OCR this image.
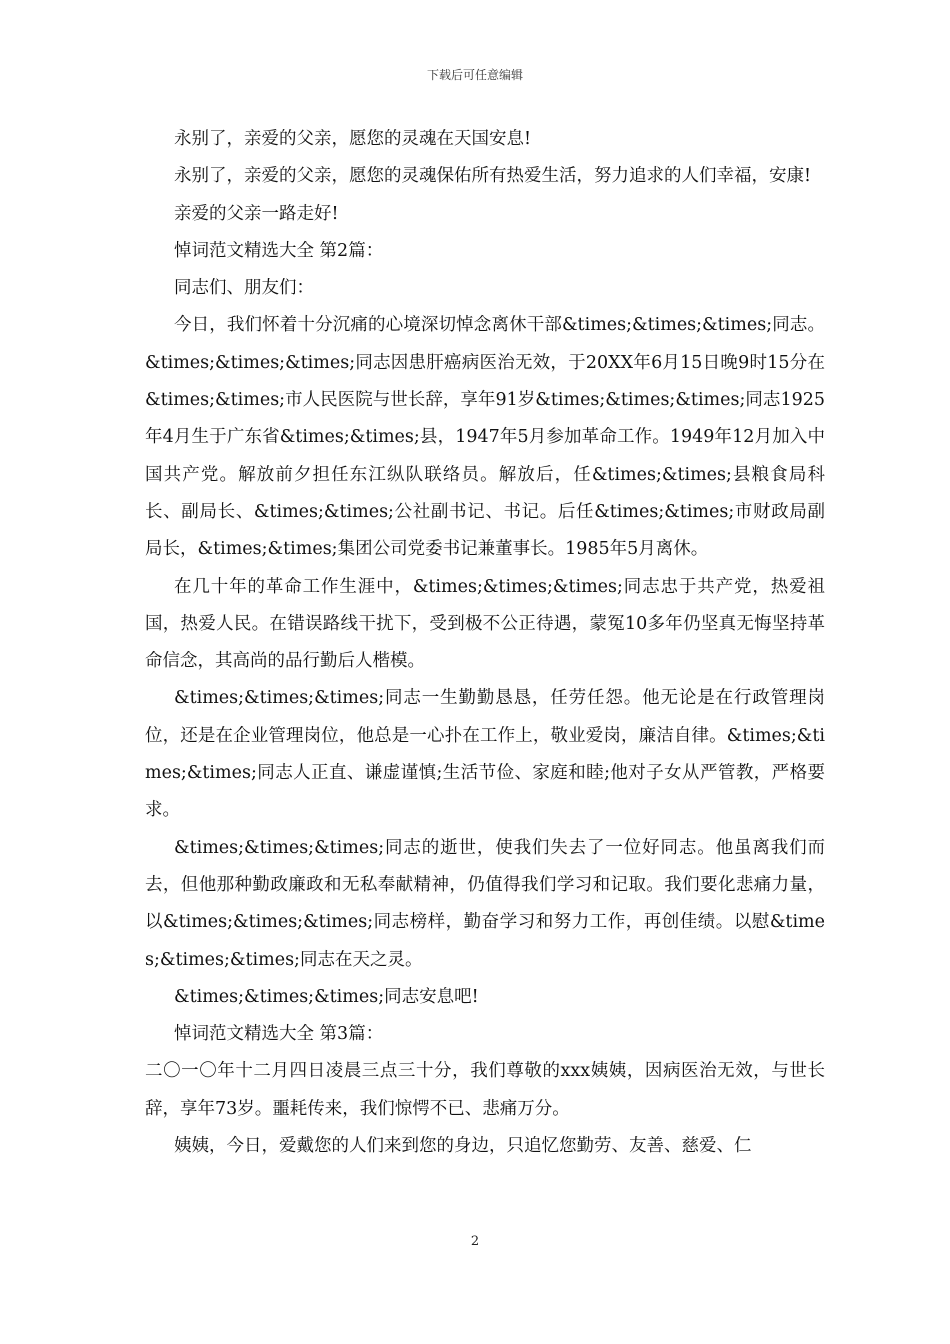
下载后可任意编辑

永别了，亲爱的父亲，愿您的灵魂在天国安息!

永别了，亲爱的父亲，愿您的灵魂保佑所有热爱生活，努力追求的人们幸福，安康!

亲爱的父亲一路走好!

悼词范文精选大全 第2篇：

同志们、朋友们：

今日，我们怀着十分沉痛的心境深切悼念离休干部&times;&times;&times;同志。&times;&times;&times;同志因患肝癌病医治无效，于20XX年6月15日晚9时15分在&times;&times;市人民医院与世长辞，享年91岁&times;&times;&times;同志1925年4月生于广东省&times;&times;县，1947年5月参加革命工作。1949年12月加入中国共产党。解放前夕担任东江纵队联络员。解放后，任&times;&times;县粮食局科长、副局长、&times;&times;公社副书记、书记。后任&times;&times;市财政局副局长，&times;&times;集团公司党委书记兼董事长。1985年5月离休。

在几十年的革命工作生涯中，&times;&times;&times;同志忠于共产党，热爱祖国，热爱人民。在错误路线干扰下，受到极不公正待遇，蒙冤10多年仍坚真无悔坚持革命信念，其高尚的品行勤后人楷模。

&times;&times;&times;同志一生勤勤恳恳，任劳任怨。他无论是在行政管理岗位，还是在企业管理岗位，他总是一心扑在工作上，敬业爱岗，廉洁自律。&times;&times;&times;同志人正直、谦虚谨慎;生活节俭、家庭和睦;他对子女从严管教，严格要求。

&times;&times;&times;同志的逝世，使我们失去了一位好同志。他虽离我们而去，但他那种勤政廉政和无私奉献精神，仍值得我们学习和记取。我们要化悲痛力量，以&times;&times;&times;同志榜样，勤奋学习和努力工作，再创佳绩。以慰&times;&times;&times;同志在天之灵。

&times;&times;&times;同志安息吧!

悼词范文精选大全 第3篇：

二〇一〇年十二月四日凌晨三点三十分，我们尊敬的xxx姨姨，因病医治无效，与世长辞，享年73岁。噩耗传来，我们惊愕不已、悲痛万分。

姨姨，今日，爱戴您的人们来到您的身边，只追忆您勤劳、友善、慈爱、仁

2
